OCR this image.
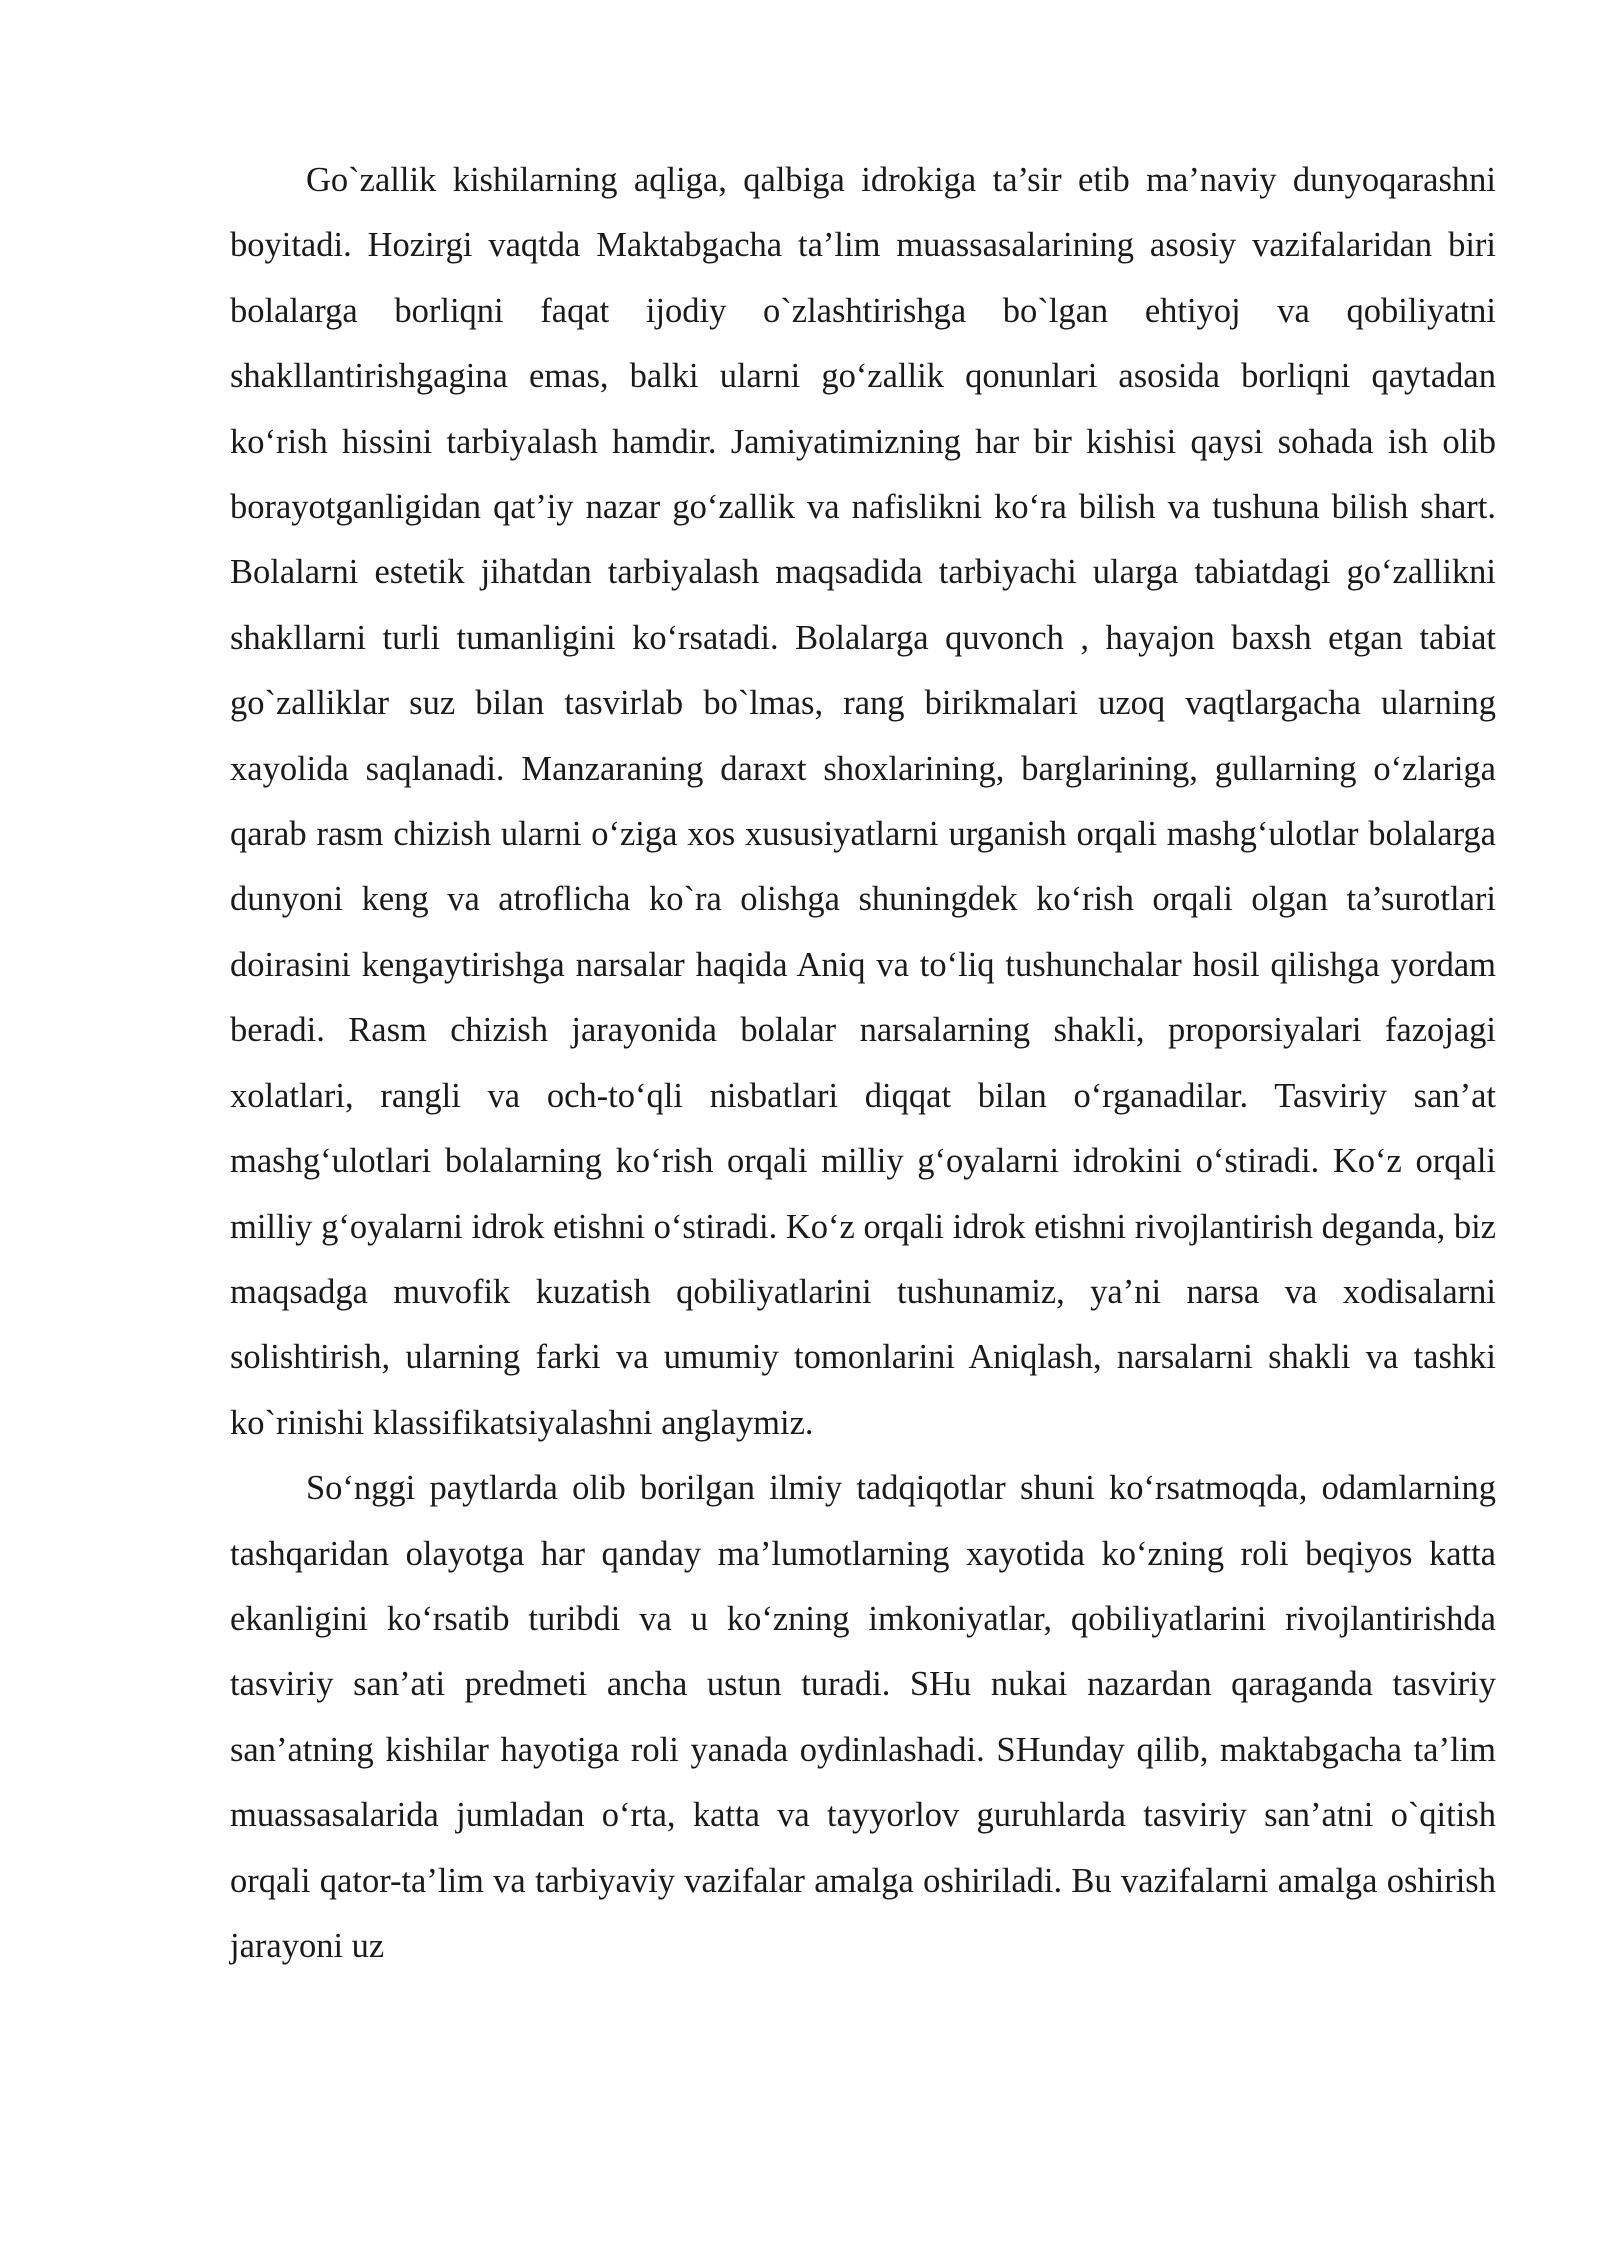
Go`zallik kishilarning aqliga, qalbiga idrokiga ta’sir etib ma’naviy dunyoqarashni boyitadi. Hozirgi vaqtda Maktabgacha ta’lim muassasalarining asosiy vazifalaridan biri bolalarga borliqni faqat ijodiy o`zlashtirishga bo`lgan ehtiyoj va qobiliyatni shakllantirishgagina emas, balki ularni go‘zallik qonunlari asosida borliqni qaytadan ko‘rish hissini tarbiyalash hamdir. Jamiyatimizning har bir kishisi qaysi sohada ish olib borayotganligidan qat’iy nazar go‘zallik va nafislikni ko‘ra bilish va tushuna bilish shart. Bolalarni estetik jihatdan tarbiyalash maqsadida tarbiyachi ularga tabiatdagi go‘zallikni shakllarni turli tumanligini ko‘rsatadi. Bolalarga quvonch , hayajon baxsh etgan tabiat go`zalliklar suz bilan tasvirlab bo`lmas, rang birikmalari uzoq vaqtlargacha ularning xayolida saqlanadi. Manzaraning daraxt shoxlarining, barglarining, gullarning o‘zlariga qarab rasm chizish ularni o‘ziga xos xususiyatlarni urganish orqali mashg‘ulotlar bolalarga dunyoni keng va atroflicha ko`ra olishga shuningdek ko‘rish orqali olgan ta’surotlari doirasini kengaytirishga narsalar haqida Aniq va to‘liq tushunchalar hosil qilishga yordam beradi. Rasm chizish jarayonida bolalar narsalarning shakli, proporsiyalari fazojagi xolatlari, rangli va och-to‘qli nisbatlari diqqat bilan o‘rganadilar. Tasviriy san’at mashg‘ulotlari bolalarning ko‘rish orqali milliy g‘oyalarni idrokini o‘stiradi. Ko‘z orqali milliy g‘oyalarni idrok etishni o‘stiradi. Ko‘z orqali idrok etishni rivojlantirish deganda, biz maqsadga muvofik kuzatish qobiliyatlarini tushunamiz, ya’ni narsa va xodisalarni solishtirish, ularning farki va umumiy tomonlarini Aniqlash, narsalarni shakli va tashki ko`rinishi klassifikatsiyalashni anglaymiz.

So‘nggi paytlarda olib borilgan ilmiy tadqiqotlar shuni ko‘rsatmoqda, odamlarning tashqaridan olayotga har qanday ma’lumotlarning xayotida ko‘zning roli beqiyos katta ekanligini ko‘rsatib turibdi va u ko‘zning imkoniyatlar, qobiliyatlarini rivojlantirishda tasviriy san’ati predmeti ancha ustun turadi. SHu nukai nazardan qaraganda tasviriy san’atning kishilar hayotiga roli yanada oydinlashadi. SHunday qilib, maktabgacha ta’lim muassasalarida jumladan o‘rta, katta va tayyorlov guruhlarda tasviriy san’atni o`qitish orqali qator-ta’lim va tarbiyaviy vazifalar amalga oshiriladi. Bu vazifalarni amalga oshirish jarayoni uz
